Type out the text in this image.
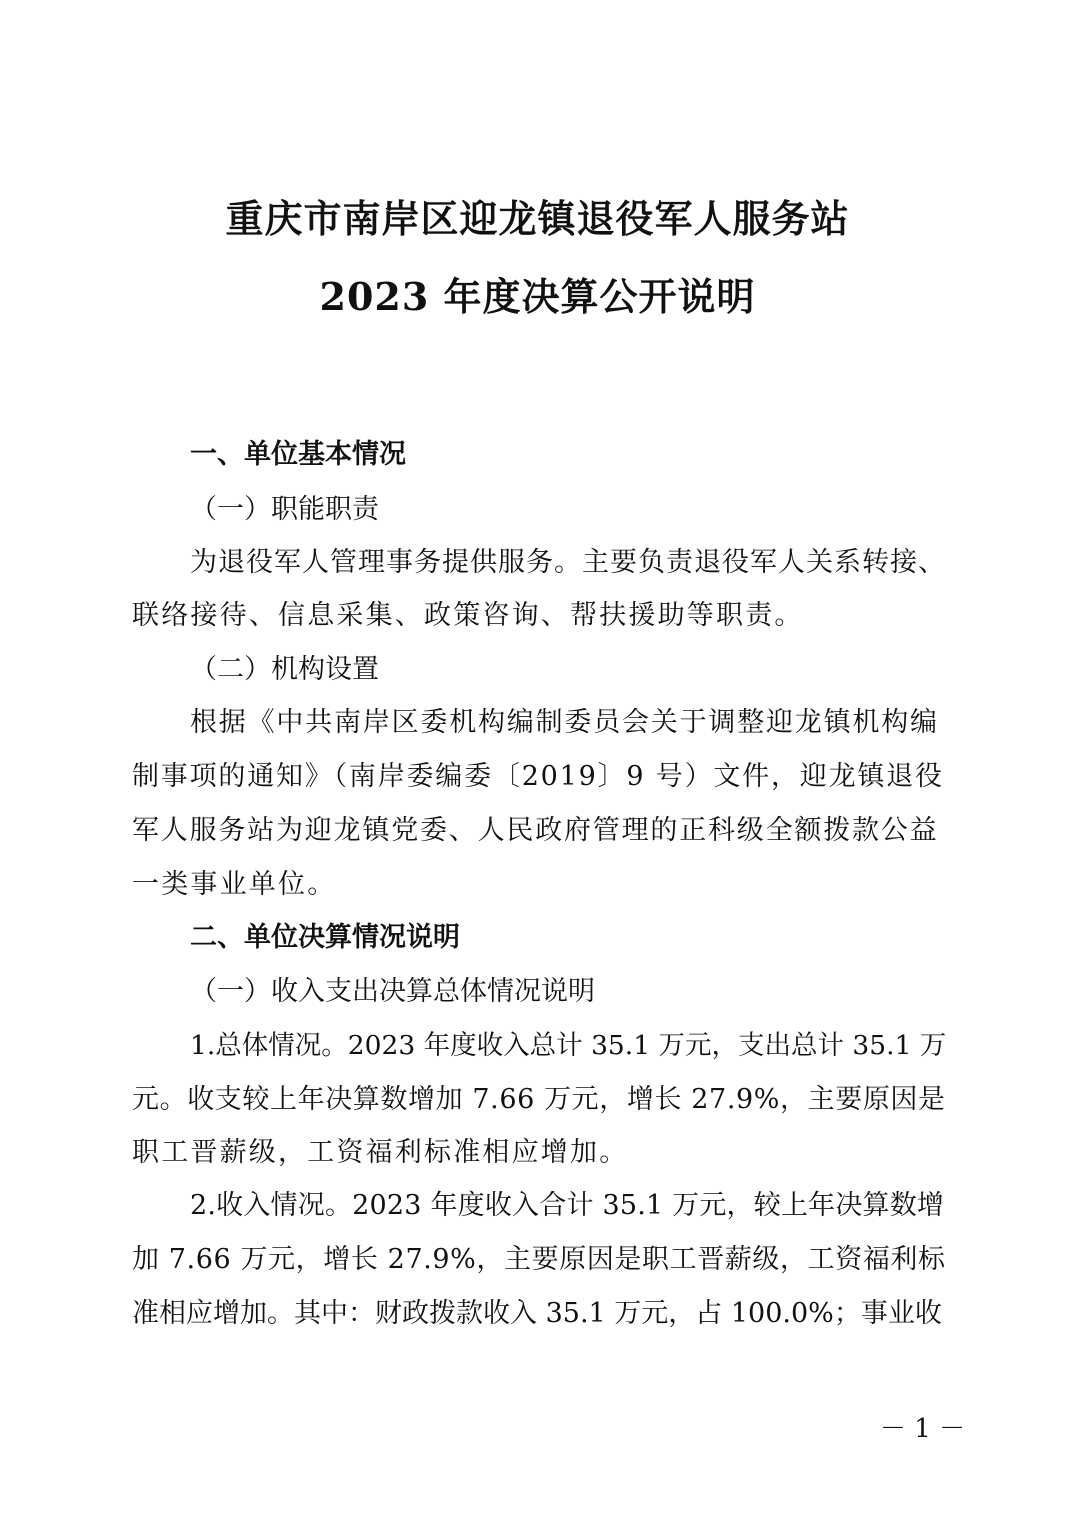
重庆市南岸区迎龙镇退役军人服务站
2023 年度决算公开说明
一、单位基本情况
（一）职能职责
为退役军人管理事务提供服务。主要负责退役军人关系转接、
联络接待、信息采集、政策咨询、帮扶援助等职责。
（二）机构设置
根据《中共南岸区委机构编制委员会关于调整迎龙镇机构编
制事项的通知》（南岸委编委〔2019〕9 号）文件，迎龙镇退役
军人服务站为迎龙镇党委、人民政府管理的正科级全额拨款公益
一类事业单位。
二、单位决算情况说明
（一）收入支出决算总体情况说明
1.总体情况。2023 年度收入总计 35.1 万元，支出总计 35.1 万
元。收支较上年决算数增加 7.66 万元，增长 27.9%，主要原因是
职工晋薪级，工资福利标准相应增加。
2.收入情况。2023 年度收入合计 35.1 万元，较上年决算数增
加 7.66 万元，增长 27.9%，主要原因是职工晋薪级，工资福利标
准相应增加。其中：财政拨款收入 35.1 万元，占 100.0%；事业收
－ 1 －
